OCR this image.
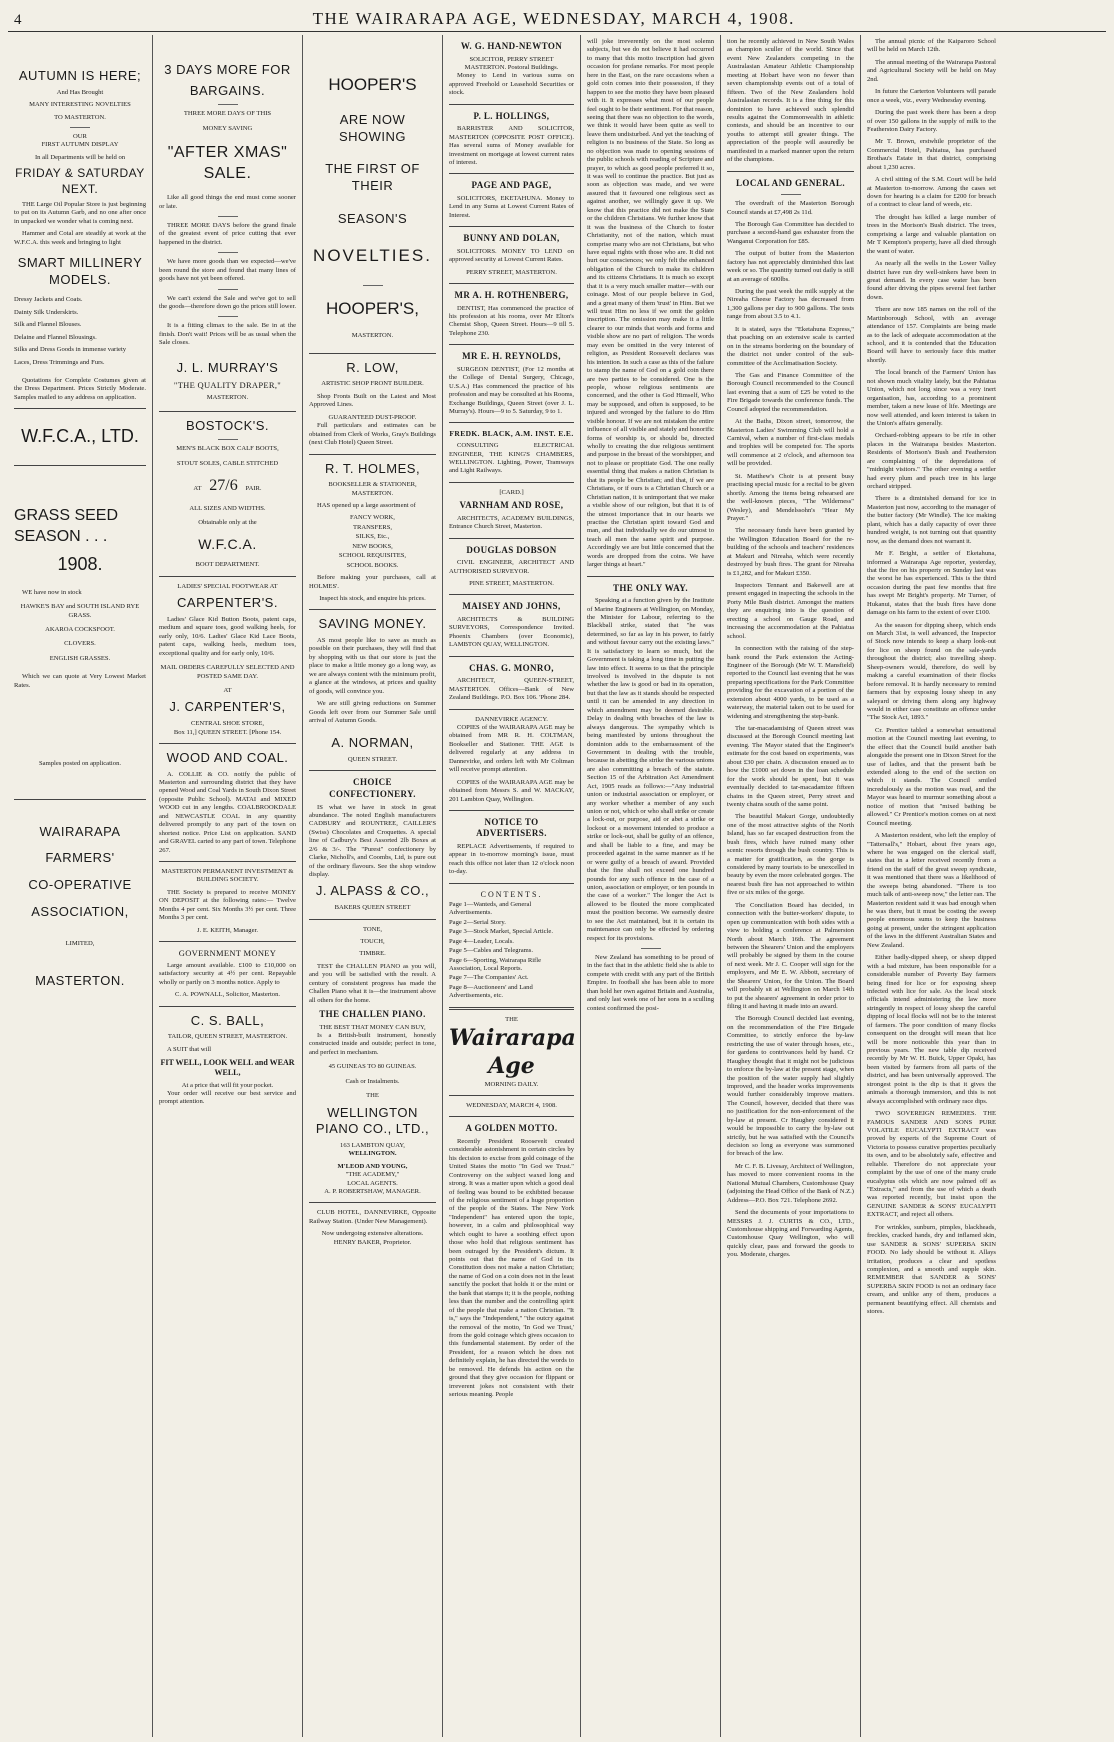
4	THE WAIRARAPA AGE, WEDNESDAY, MARCH 4, 1908.
AUTUMN IS HERE;
And Has Brought
MANY INTERESTING NOVELTIES
TO MASTERTON.
OUR
FIRST AUTUMN DISPLAY
In all Departments will be held on
FRIDAY & SATURDAY NEXT.

THE Large Oil Popular Store is just beginning to put on its Autumn Garb, and no one after once in unpacked we wonder what is coming next.

Hammer and Cotal are steadily at work at the W.F.C.A. this week and bringing to light

SMART MILLINERY MODELS.
Dressy Jackets and Coats.
Dainty Silk Underskirts.
Silk and Flannel Blouses.
Delaine and Flannel Blousings.
Silks and Dress Goods in immense variety
Laces, Dress Trimmings and Furs.

Quotations for Complete Costumes given at the Dress Department. Prices Strictly Moderate. Samples mailed to any address on application.

W.F.C.A., LTD.
GRASS SEED SEASON . . .
1908.

WE have now in stock

HAWKE'S BAY and SOUTH ISLAND RYE GRASS.
AKAROA COCKSFOOT.
CLOVERS.
ENGLISH GRASSES.

Which we can quote at Very Lowest Market Rates.

Samples posted on application.
WAIRARAPA
FARMERS'
CO-OPERATIVE
ASSOCIATION,
LIMITED,
MASTERTON.
3 DAYS MORE FOR
BARGAINS.
THREE MORE DAYS OF THIS
MONEY SAVING
"AFTER XMAS" SALE.

Like all good things the end must come sooner or late.

THREE MORE DAYS before the grand finale of the greatest event of price cutting that ever happened in the district.

We have more goods than we expected—we've been round the store and found that many lines of goods have not yet been offered.

We can't extend the Sale and we've got to sell the goods—therefore down go the prices still lower.

It is a fitting climax to the sale. Be in at the finish. Don't wait! Prices will be as usual when the Sale closes.

J. L. MURRAY'S
"THE QUALITY DRAPER,"
MASTERTON.
BOSTOCK'S.
MEN'S BLACK BOX CALF BOOTS,
STOUT SOLES, CABLE STITCHED
AT 27/6 PAIR.
ALL SIZES AND WIDTHS.
Obtainable only at the
W.F.C.A.
BOOT DEPARTMENT.
LADIES' SPECIAL FOOTWEAR AT
CARPENTER'S.

Ladies' Glace Kid Button Boots, patent caps, medium and square toes, good walking heels, for early only, 10/6. Ladies' Glace Kid Lace Boots, patent caps, walking heels, medium toes, exceptional quality and for early only, 10/6.

MAIL ORDERS CAREFULLY SELECTED AND POSTED SAME DAY.
AT
J. CARPENTER'S,
CENTRAL SHOE STORE,
Box 11,] QUEEN STREET. [Phone 154.
WOOD AND COAL.

A. COLLIE & CO. notify the public of Masterton and surrounding district that they have opened Wood and Coal Yards in South Dixon Street (opposite Public School). MATAI and MIXED WOOD cut in any lengths. COALBROOKDALE and NEWCASTLE COAL in any quantity delivered promptly to any part of the town on shortest notice. Price List on application. SAND and GRAVEL carted to any part of town. Telephone 267.

MASTERTON PERMANENT INVESTMENT & BUILDING SOCIETY.

THE Society is prepared to receive MONEY ON DEPOSIT at the following rates:— Twelve Months 4 per cent. Six Months 3½ per cent. Three Months 3 per cent.

J. E. KEITH, Manager.
GOVERNMENT MONEY

Large amount available. £100 to £10,000 on satisfactory security at 4½ per cent. Repayable wholly or partly on 3 months notice. Apply to

C. A. POWNALL, Solicitor, Masterton.
C. S. BALL,
TAILOR, QUEEN STREET, MASTERTON.

A SUIT that will

FIT WELL, LOOK WELL and WEAR WELL,
At a price that will fit your pocket.

Your order will receive our best service and prompt attention.

HOOPER'S
ARE NOW SHOWING
THE FIRST OF THEIR
SEASON'S
NOVELTIES.
HOOPER'S,
MASTERTON.
R. LOW,
ARTISTIC SHOP FRONT BUILDER.

Shop Fronts Built on the Latest and Most Approved Lines.

GUARANTEED DUST-PROOF.

Full particulars and estimates can be obtained from Clerk of Works, Gray's Buildings (next Club Hotel) Queen Street.

R. T. HOLMES,
BOOKSELLER & STATIONER, MASTERTON.

HAS opened up a large assortment of

FANCY WORK,
TRANSFERS,
SILKS, Etc.,
NEW BOOKS,
SCHOOL REQUISITES,
SCHOOL BOOKS.

Before making your purchases, call at HOLMES'.

Inspect his stock, and enquire his prices.
SAVING MONEY.

AS most people like to save as much as possible on their purchases, they will find that by shopping with us that our store is just the place to make a little money go a long way, as we are always content with the minimum profit, a glance at the windows, at prices and quality of goods, will convince you.

We are still giving reductions on Summer Goods left over from our Summer Sale until arrival of Autumn Goods.

A. NORMAN,
QUEEN STREET.
CHOICE CONFECTIONERY.

IS what we have in stock in great abundance. The noted English manufacturers CADBURY and ROUNTREE, CAILLER'S (Swiss) Chocolates and Croquettes. A special line of Cadbury's Best Assorted 2lb Boxes at 2/6 & 3/-. The "Purest" confectionery by Clarke, Nicholl's, and Coombs, Ltd, is pure out of the ordinary flavours. See the shop window display.

J. ALPASS & CO.,
BAKERS QUEEN STREET
TONE,
TOUCH,
TIMBRE.

TEST the CHALLEN PIANO as you will, and you will be satisfied with the result. A century of consistent progress has made the Challen Piano what it is—the instrument above all others for the home.

THE CHALLEN PIANO.
THE BEST THAT MONEY CAN BUY,

Is a British-built instrument, honestly constructed inside and outside; perfect in tone, and perfect in mechanism.

45 GUINEAS TO 80 GUINEAS.
Cash or Instalments.
THE
WELLINGTON PIANO CO., LTD.,
163 LAMBTON QUAY,
WELLINGTON.
M'LEOD AND YOUNG,
"THE ACADEMY,"
LOCAL AGENTS.
A. P. ROBERTSHAW, MANAGER.

CLUB HOTEL, DANNEVIRKE, Opposite Railway Station. (Under New Management).

Now undergoing extensive alterations.
HENRY BAKER, Proprietor.
W. G. HAND-NEWTON
SOLICITOR, PERRY STREET MASTERTON. Postoral Buildings.

Money to Lend in various sums on approved Freehold or Leasehold Securities or stock.

P. L. HOLLINGS,

BARRISTER AND SOLICITOR, MASTERTON (OPPOSITE POST OFFICE). Has several sums of Money available for investment on mortgage at lowest current rates of interest.

PAGE AND PAGE,

SOLICITORS, EKETAHUNA. Money to Lend in any Sums at Lowest Current Rates of Interest.

BUNNY AND DOLAN,

SOLICITORS. MONEY TO LEND on approved security at Lowest Current Rates.

PERRY STREET, MASTERTON.
MR A. H. ROTHENBERG,

DENTIST, Has commenced the practice of his profession at his rooms, over Mr Elton's Chemist Shop, Queen Street. Hours—9 till 5. Telephone 230.

MR E. H. REYNOLDS,

SURGEON DENTIST, (For 12 months at the College of Dental Surgery, Chicago, U.S.A.) Has commenced the practice of his profession and may be consulted at his Rooms, Exchange Buildings, Queen Street (over J. L. Murray's). Hours—9 to 5. Saturday, 9 to 1.

FREDK. BLACK, A.M. INST. E.E.

CONSULTING ELECTRICAL ENGINEER, THE KING'S CHAMBERS, WELLINGTON. Lighting, Power, Tramways and Light Railways.

[CARD.]
VARNHAM AND ROSE,

ARCHITECTS, ACADEMY BUILDINGS, Entrance Church Street, Masterton.

DOUGLAS DOBSON

CIVIL ENGINEER, ARCHITECT AND AUTHORISED SURVEYOR.

PINE STREET, MASTERTON.
MAISEY AND JOHNS,

ARCHITECTS & BUILDING SURVEYORS, Correspondence Invited. Phoenix Chambers (over Economic), LAMBTON QUAY, WELLINGTON.

CHAS. G. MONRO,

ARCHITECT, QUEEN-STREET, MASTERTON. Offices—Bank of New Zealand Buildings. P.O. Box 106. 'Phone 284.

DANNEVIRKE AGENCY.

COPIES of the WAIRARAPA AGE may be obtained from MR R. H. COLTMAN, Bookseller and Stationer. THE AGE is delivered regularly at any address in Dannevirke, and orders left with Mr Coltman will receive prompt attention.

COPIES of the WAIRARAPA AGE may be obtained from Messrs S. and W. MACKAY, 201 Lambton Quay, Wellington.

NOTICE TO ADVERTISERS.

REPLACE Advertisements, if required to appear in to-morrow morning's issue, must reach this office not later than 12 o'clock noon to-day.

CONTENTS.
Page 1—Wanteds, and General Advertisements.
Page 2—Serial Story.
Page 3—Stock Market, Special Article.
Page 4—Leader, Locals.
Page 5—Cables and Telegrams.
Page 6—Sporting, Wairarapa Rifle Association, Local Reports.
Page 7—The Companies' Act.
Page 8—Auctioneers' and Land Advertisements, etc.
THE
Wairarapa Age
MORNING DAILY.
WEDNESDAY, MARCH 4, 1908.
A GOLDEN MOTTO.

Recently President Roosevelt created considerable astonishment in certain circles by his decision to excise from gold coinage of the United States the motto "In God we Trust." Controversy on the subject waxed long and strong. It was a matter upon which a good deal of feeling was bound to be exhibited because of the religious sentiment of a huge proportion of the people of the States. The New York "Independent" has entered upon the topic, however, in a calm and philosophical way which ought to have a soothing effect upon those who hold that religious sentiment has been outraged by the President's dictum. It points out that the name of God in its Constitution does not make a nation Christian; the name of God on a coin does not in the least sanctify the pocket that holds it or the mint or the bank that stamps it; it is the people, nothing less than the number and the controlling spirit of the people that make a nation Christian. "It is," says the "Independent," "the outcry against the removal of the motto, 'In God we Trust,' from the gold coinage which gives occasion to this fundamental statement. By order of the President, for a reason which he does not definitely explain, he has directed the words to be removed. He defends his action on the ground that they give occasion for flippant or irreverent jokes not consistent with their serious meaning. People

will joke irreverently on the most solemn subjects, but we do not believe it had occurred to many that this motto inscription had given occasion for profane remarks. For most people here in the East, on the rare occasions when a gold coin comes into their possession, if they happen to see the motto they have been pleased with it. It expresses what most of our people feel ought to be their sentiment. For that reason, seeing that there was no objection to the words, we think it would have been quite as well to leave them undisturbed. And yet the teaching of religion is no business of the State. So long as no objection was made to opening sessions of the public schools with reading of Scripture and prayer, to which as good people preferred it so, it was well to continue the practice. But just as soon as objection was made, and we were assured that it favoured one religious sect as against another, we willingly gave it up. We know that this practice did not make the State or the children Christians. We further know that it was the business of the Church to foster Christianity, not of the nation, which must comprise many who are not Christians, but who have equal rights with those who are. It did not hurt our consciences; we only felt the enhanced obligation of the Church to make its children and its citizens Christians. It is much so except that it is a very much smaller matter—with our coinage. Most of our people believe in God, and a great many of them 'trust' in Him. But we will trust Him no less if we omit the golden inscription. The omission may make it a little clearer to our minds that words and forms and visible show are no part of religion. The words may even be omitted in the very interest of religion, as President Roosevelt declares was his intention. In such a case as this of the failure to stamp the name of God on a gold coin there are two parties to be considered. One is the people, whose religious sentiments are concerned, and the other is God Himself, Who may be supposed, and often is supposed, to be injured and wronged by the failure to do Him visible honour. If we are not mistaken the entire influence of all visible and stately and honorific forms of worship is, or should be, directed wholly to creating the due religious sentiment and purpose in the breast of the worshipper, and not to please or propitiate God. The one really essential thing that makes a nation Christian is that its people be Christian; and that, if we are Christians, or if ours is a Christian Church or a Christian nation, it is unimportant that we make a visible show of our religion, but that it is of the utmost importance that in our hearts we practise the Christian spirit toward God and man, and that individually we do our utmost to teach all men the same spirit and purpose. Accordingly we are but little concerned that the words are dropped from the coins. We have larger things at heart."

THE ONLY WAY.

Speaking at a function given by the Institute of Marine Engineers at Wellington, on Monday, the Minister for Labour, referring to the Blackball strike, stated that "he was determined, so far as lay in his power, to fairly and without favour carry out the existing laws." It is satisfactory to learn so much, but the Government is taking a long time in putting the law into effect. It seems to us that the principle involved is involved in the dispute is not whether the law is good or bad in its operation, but that the law as it stands should be respected until it can be amended in any direction in which amendment may be deemed desirable. Delay in dealing with breaches of the law is always dangerous. The sympathy which is being manifested by unions throughout the dominion adds to the embarrassment of the Government in dealing with the trouble, because in abetting the strike the various unions are also committing a breach of the statute. Section 15 of the Arbitration Act Amendment Act, 1905 reads as follows:—"Any industrial union or industrial association or employer, or any worker whether a member of any such union or not, which or who shall strike or create a lock-out, or purpose, aid or abet a strike or lockout or a movement intended to produce a strike or lock-out, shall be guilty of an offence, and shall be liable to a fine, and may be proceeded against in the same manner as if he or were guilty of a breach of award. Provided that the fine shall not exceed one hundred pounds for any such offence in the case of a union, association or employer, or ten pounds in the case of a worker." The longer the Act is allowed to be flouted the more complicated must the position become. We earnestly desire to see the Act maintained, but it is certain its maintenance can only be effected by ordering respect for its provisions.

New Zealand has something to be proud of in the fact that in the athletic field she is able to compete with credit with any part of the British Empire. In football she has been able to more than hold her own against Britain and Australia, and only last week one of her sons in a sculling contest confirmed the posi-

tion he recently achieved in New South Wales as champion sculler of the world. Since that event New Zealanders competing in the Australasian Amateur Athletic Championship meeting at Hobart have won no fewer than seven championship events out of a total of fifteen. Two of the New Zealanders hold Australasian records. It is a fine thing for this dominion to have achieved such splendid results against the Commonwealth in athletic contests, and should be an incentive to our youths to attempt still greater things. The appreciation of the people will assuredly be manifested in a marked manner upon the return of the champions.

LOCAL AND GENERAL.

The overdraft of the Masterton Borough Council stands at £7,498 2s 11d.

The Borough Gas Committee has decided to purchase a second-hand gas exhauster from the Wanganui Corporation for £85.

The output of butter from the Masterton factory has not appreciably diminished this last week or so. The quantity turned out daily is still at an average of 600lbs.

During the past week the milk supply at the Nireaha Cheese Factory has decreased from 1,300 gallons per day to 900 gallons. The tests range from about 3.5 to 4.1.

It is stated, says the "Eketahuna Express," that poaching on an extensive scale is carried on in the streams bordering on the boundary of the district not under control of the sub-committee of the Acclimatisation Society.

The Gas and Finance Committee of the Borough Council recommended to the Council last evening that a sum of £25 be voted to the Fire Brigade towards the conference funds. The Council adopted the recommendation.

At the Baths, Dixon street, tomorrow, the Masterton Ladies' Swimming Club will hold a Carnival, when a number of first-class medals and trophies will be competed for. The sports will commence at 2 o'clock, and afternoon tea will be provided.

St. Matthew's Choir is at present busy practising special music for a recital to be given shortly. Among the items being rehearsed are the well-known pieces, "The Wilderness" (Wesley), and Mendelssohn's "Hear My Prayer."

The necessary funds have been granted by the Wellington Education Board for the re-building of the schools and teachers' residences at Makuri and Nireaha, which were recently destroyed by bush fires. The grant for Nireaha is £1,282, and for Makuri £350.

Inspectors Tennant and Bakewell are at present engaged in inspecting the schools in the Porty Mile Bush district. Amongst the matters they are enquiring into is the question of erecting a school on Gauge Road, and increasing the accommodation at the Pahiatua school.

In connection with the raising of the step-bank round the Park extension the Acting-Engineer of the Borough (Mr W. T. Mansfield) reported to the Council last evening that he was preparing specifications for the Park Committee providing for the excavation of a portion of the extension about 4000 yards, to be used as a waterway, the material taken out to be used for widening and strengthening the step-bank.

The tar-macadamising of Queen street was discussed at the Borough Council meeting last evening. The Mayor stated that the Engineer's estimate for the cost based on experiments, was about £30 per chain. A discussion ensued as to how the £1000 set down in the loan schedule for the work should be spent, but it was eventually decided to tar-macadamize fifteen chains in the Queen street, Perry street and twenty chains south of the same point.

The beautiful Makuri Gorge, undoubtedly one of the most attractive sights of the North Island, has so far escaped destruction from the bush fires, which have ruined many other scenic resorts through the bush country. This is a matter for gratification, as the gorge is considered by many tourists to be unexcelled in beauty by even the more celebrated gorges. The nearest bush fire has not approached to within five or six miles of the gorge.

The Conciliation Board has decided, in connection with the butter-workers' dispute, to open up communication with both sides with a view to holding a conference at Palmerston North about March 16th. The agreement between the Shearers' Union and the employers will probably be signed by them in the course of next week. Mr J. C. Cooper will sign for the employers, and Mr E. W. Abbott, secretary of the Shearers' Union, for the Union. The Board will probably sit at Wellington on March 14th to put the shearers' agreement in order prior to filing it and having it made into an award.

The Borough Council decided last evening, on the recommendation of the Fire Brigade Committee, to strictly enforce the by-law restricting the use of water through hoses, etc., for gardens to contrivances held by hand. Cr Haughey thought that it might not be judicious to enforce the by-law at the present stage, when the position of the water supply had slightly improved, and the header works improvements would further considerably improve matters. The Council, however, decided that there was no justification for the non-enforcement of the by-law at present. Cr Haughey considered it would be impossible to carry the by-law out strictly, but he was satisfied with the Council's decision so long as everyone was summoned for breach of the law.

Mr C. F. B. Livesay, Architect of Wellington, has moved to more convenient rooms in the National Mutual Chambers, Customhouse Quay (adjoining the Head Office of the Bank of N.Z.) Address—P.O. Box 721. Telephone 2692.

Send the documents of your importations to MESSRS J. J. CURTIS & CO., LTD., Customhouse shipping and Forwarding Agents, Customhouse Quay Wellington, who will quickly clear, pass and forward the goods to you. Moderate, charges.

The annual picnic of the Kaiparoro School will be held on March 12th.

The annual meeting of the Wairarapa Pastoral and Agricultural Society will be held on May 2nd.

In future the Carterton Volunteers will parade once a week, viz., every Wednesday evening.

During the past week there has been a drop of over 150 gallons in the supply of milk to the Featherston Dairy Factory.

Mr T. Brown, erstwhile proprietor of the Commercial Hotel, Pahiatua, has purchased Brothau's Estate in that district, comprising about 1,230 acres.

A civil sitting of the S.M. Court will be held at Masterton to-morrow. Among the cases set down for hearing is a claim for £200 for breach of a contract to clear land of weeds, etc.

The drought has killed a large number of trees in the Morison's Bush district. The trees, comprising a large and valuable plantation on Mr T Kempton's property, have all died through the want of water.

As nearly all the wells in the Lower Valley district have run dry well-sinkers have been in great demand. In every case water has been found after driving the pipes several feet farther down.

There are now 185 names on the roll of the Martinborough School, with an average attendance of 157. Complaints are being made as to the lack of adequate accommodation at the school, and it is contended that the Education Board will have to seriously face this matter shortly.

The local branch of the Farmers' Union has not shown much vitality lately, but the Pahiatua Union, which not long since was a very inert organisation, has, according to a prominent member, taken a new lease of life. Meetings are now well attended, and keen interest is taken in the Union's affairs generally.

Orchard-robbing appears to be rife in other places in the Wairarapa besides Masterton. Residents of Morison's Bush and Featherston are complaining of the depredations of "midnight visitors." The other evening a settler had every plum and peach tree in his large orchard stripped.

There is a diminished demand for ice in Masterton just now, according to the manager of the butter factory (Mr Windle). The ice making plant, which has a daily capacity of over three hundred weight, is not turning out that quantity now, as the demand does not warrant it.

Mr F. Bright, a settler of Eketahuna, informed a Wairarapa Age reporter, yesterday, that the fire on his property on Sunday last was the worst he has experienced. This is the third occasion during the past few months that fire has swept Mr Bright's property. Mr Turner, of Hukanui, states that the bush fires have done damage on his farm to the extent of over £100.

As the season for dipping sheep, which ends on March 31st, is well advanced, the Inspector of Stock now intends to keep a sharp look-out for lice on sheep found on the sale-yards throughout the district; also travelling sheep. Sheep-owners would, therefore, do well by making a careful examination of their flocks before removal. It is hardly necessary to remind farmers that by exposing lousy sheep in any saleyard or driving them along any highway would in either case constitute an offence under "The Stock Act, 1893."

Cr. Prentice tabled a somewhat sensational motion at the Council meeting last evening, to the effect that the Council build another bath alongside the present one in Dixon Street for the use of ladies, and that the present bath be extended along to the end of the section on which it stands. The Council smiled incredulously as the motion was read, and the Mayor was heard to murmur something about a notice of motion that "mixed bathing be allowed." Cr Prentice's motion comes on at next Council meeting.

A Masterton resident, who left the employ of "Tattersall's," Hobart, about five years ago, where he was engaged on the clerical staff, states that in a letter received recently from a friend on the staff of the great sweep syndicate, it was mentioned that there was a likelihood of the sweeps being abandoned. "There is too much talk of anti-sweep now," the letter ran. The Masterton resident said it was bad enough when he was there, but it must be costing the sweep people enormous sums to keep the business going at present, under the stringent application of the laws in the different Australian States and New Zealand.

Either badly-dipped sheep, or sheep dipped with a bad mixture, has been responsible for a considerable number of Poverty Bay farmers being fined for lice or for exposing sheep infected with lice for sale. As the local stock officials intend administering the law more stringently in respect of lousy sheep the careful dipping of local flocks will not be to the interest of farmers. The poor condition of many flocks consequent on the drought will mean that lice will be more noticeable this year than in previous years. The new table dip received recently by Mr W. H. Buick, Upper Opaki, has been visited by farmers from all parts of the district, and has been universally approved. The strongest point is the dip is that it gives the animals a thorough immersion, and this is not always accomplished with ordinary race dips.

TWO SOVEREIGN REMEDIES. THE FAMOUS SANDER AND SONS PURE VOLATILE EUCALYPTI EXTRACT was proved by experts of the Supreme Court of Victoria to possess curative properties peculiarly its own, and to be absolutely safe, effective and reliable. Therefore do not appreciate your complaint by the use of one of the many crude eucalyptus oils which are now palmed off as "Extracts," and from the use of which a death was reported recently, but insist upon the GENUINE SANDER & SONS' EUCALYPTI EXTRACT, and reject all others.

For wrinkles, sunburn, pimples, blackheads, freckles, cracked hands, dry and inflamed skin, use SANDER & SONS' SUPERBA SKIN FOOD. No lady should be without it. Allays irritation, produces a clear and spotless complexion, and a smooth and supple skin. REMEMBER that SANDER & SONS' SUPERBA SKIN FOOD is not an ordinary face cream, and unlike any of them, produces a permanent beautifying effect. All chemists and stores.
